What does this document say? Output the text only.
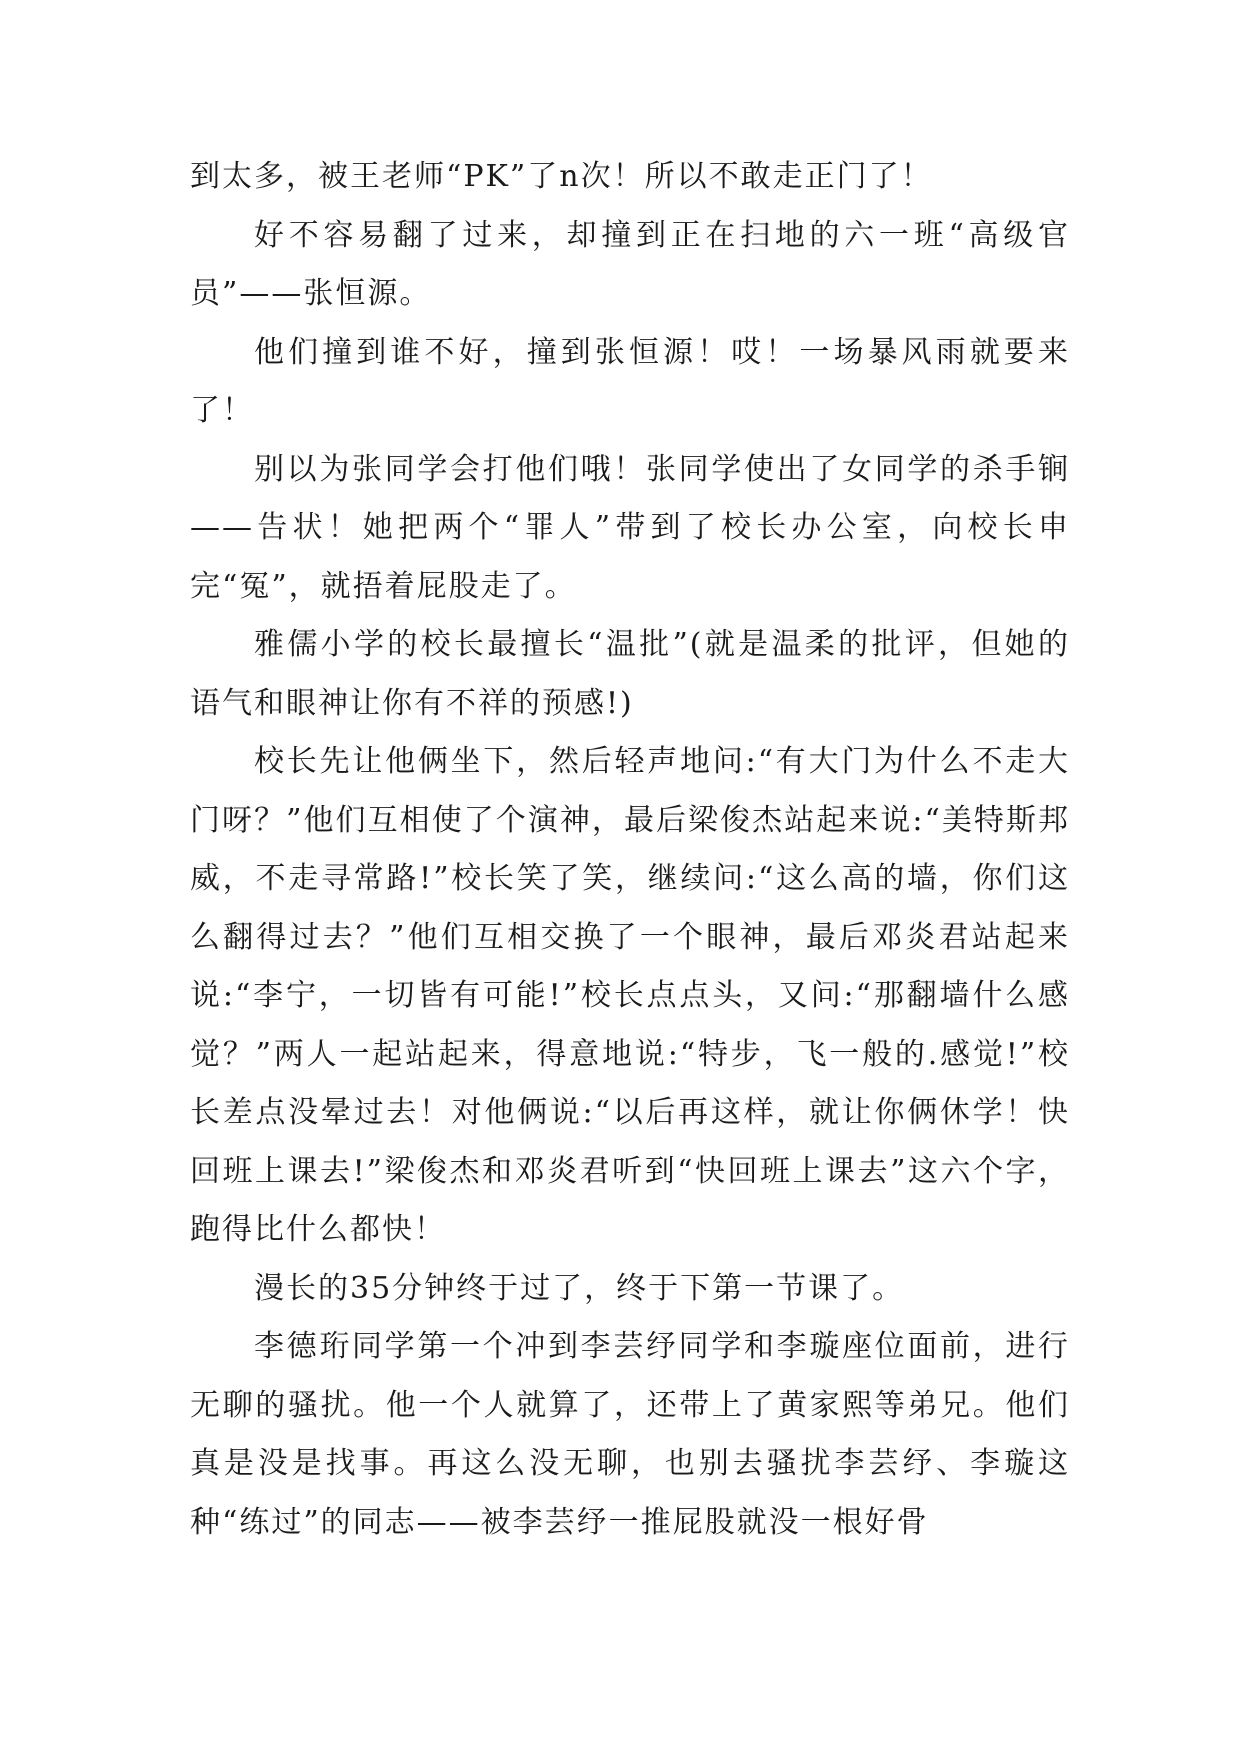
到太多，被王老师“PK”了n次！所以不敢走正门了！

好不容易翻了过来，却撞到正在扫地的六一班“高级官员”——张恒源。

他们撞到谁不好，撞到张恒源！哎！一场暴风雨就要来了！

别以为张同学会打他们哦！张同学使出了女同学的杀手锏——告状！她把两个“罪人”带到了校长办公室，向校长申完“冤”，就捂着屁股走了。

雅儒小学的校长最擅长“温批”(就是温柔的批评，但她的语气和眼神让你有不祥的预感!)

校长先让他俩坐下，然后轻声地问:“有大门为什么不走大门呀？”他们互相使了个演神，最后梁俊杰站起来说:“美特斯邦威，不走寻常路!”校长笑了笑，继续问:“这么高的墙，你们这么翻得过去？”他们互相交换了一个眼神，最后邓炎君站起来说:“李宁，一切皆有可能!”校长点点头，又问:“那翻墙什么感觉？”两人一起站起来，得意地说:“特步，飞一般的.感觉!”校长差点没晕过去！对他俩说:“以后再这样，就让你俩休学！快回班上课去!”梁俊杰和邓炎君听到“快回班上课去”这六个字，跑得比什么都快！

漫长的35分钟终于过了，终于下第一节课了。

李德珩同学第一个冲到李芸纾同学和李璇座位面前，进行无聊的骚扰。他一个人就算了，还带上了黄家熙等弟兄。他们真是没是找事。再这么没无聊，也别去骚扰李芸纾、李璇这种“练过”的同志——被李芸纾一推屁股就没一根好骨
